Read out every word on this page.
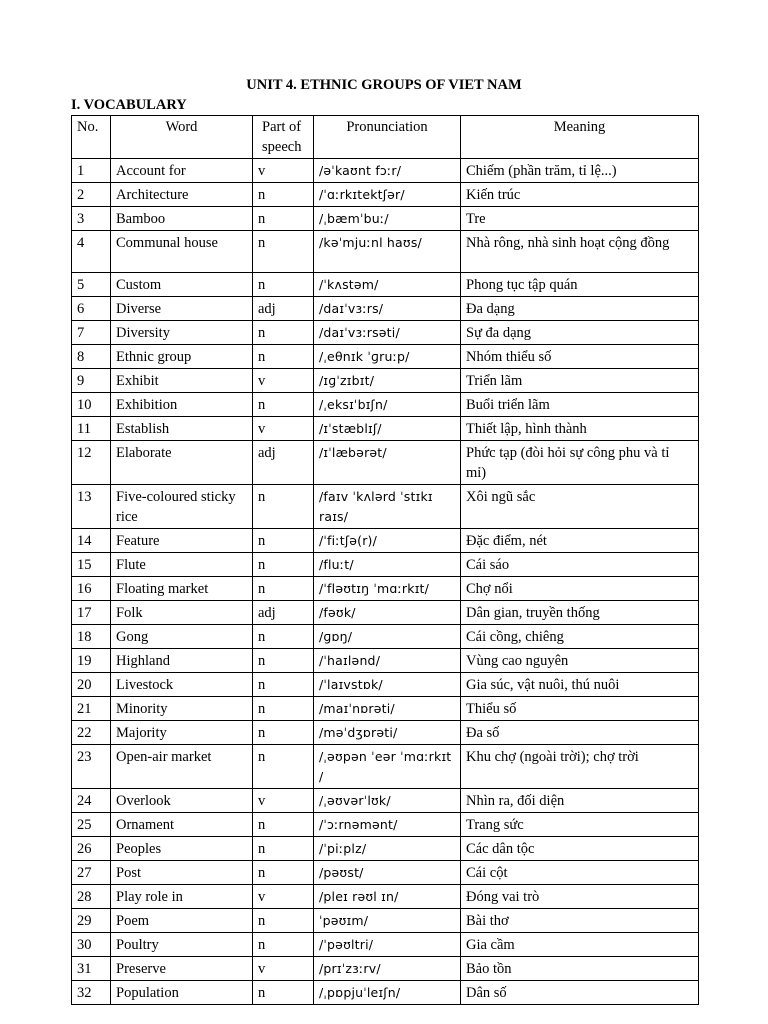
UNIT 4. ETHNIC GROUPS OF VIET NAM
I. VOCABULARY
No.	Word	Part of speech	Pronunciation	Meaning
1	Account for	v	/əˈkaʊnt fɔːr/	Chiếm (phần trăm, tỉ lệ...)
2	Architecture	n	/ˈɑːrkɪtektʃər/	Kiến trúc
3	Bamboo	n	/ˌbæmˈbuː/	Tre
4	Communal house	n	/kəˈmjuːnl haʊs/	Nhà rông, nhà sinh hoạt cộng đồng
5	Custom	n	/ˈkʌstəm/	Phong tục tập quán
6	Diverse	adj	/daɪˈvɜːrs/	Đa dạng
7	Diversity	n	/daɪˈvɜːrsəti/	Sự đa dạng
8	Ethnic group	n	/ˌeθnɪk ˈɡruːp/	Nhóm thiểu số
9	Exhibit	v	/ɪɡˈzɪbɪt/	Triển lãm
10	Exhibition	n	/ˌeksɪˈbɪʃn/	Buổi triển lãm
11	Establish	v	/ɪˈstæblɪʃ/	Thiết lập, hình thành
12	Elaborate	adj	/ɪˈlæbərət/	Phức tạp (đòi hỏi sự công phu và tỉ mỉ)
13	Five-coloured sticky rice	n	/faɪv ˈkʌlərd ˈstɪkɪ raɪs/	Xôi ngũ sắc
14	Feature	n	/ˈfiːtʃə(r)/	Đặc điểm, nét
15	Flute	n	/fluːt/	Cái sáo
16	Floating market	n	/ˈfləʊtɪŋ ˈmɑːrkɪt/	Chợ nổi
17	Folk	adj	/fəʊk/	Dân gian, truyền thống
18	Gong	n	/ɡɒŋ/	Cái cồng, chiêng
19	Highland	n	/ˈhaɪlənd/	Vùng cao nguyên
20	Livestock	n	/ˈlaɪvstɒk/	Gia súc, vật nuôi, thú nuôi
21	Minority	n	/maɪˈnɒrəti/	Thiểu số
22	Majority	n	/məˈdʒɒrəti/	Đa số
23	Open-air market	n	/ˌəʊpən ˈeər ˈmɑːrkɪt /	Khu chợ (ngoài trời); chợ trời
24	Overlook	v	/ˌəʊvərˈlʊk/	Nhìn ra, đối diện
25	Ornament	n	/ˈɔːrnəmənt/	Trang sức
26	Peoples	n	/ˈpiːplz/	Các dân tộc
27	Post	n	/pəʊst/	Cái cột
28	Play role in	v	/pleɪ rəʊl ɪn/	Đóng vai trò
29	Poem	n	ˈpəʊɪm/	Bài thơ
30	Poultry	n	/ˈpəʊltri/	Gia cầm
31	Preserve	v	/prɪˈzɜːrv/	Bảo tồn
32	Population	n	/ˌpɒpjuˈleɪʃn/	Dân số
